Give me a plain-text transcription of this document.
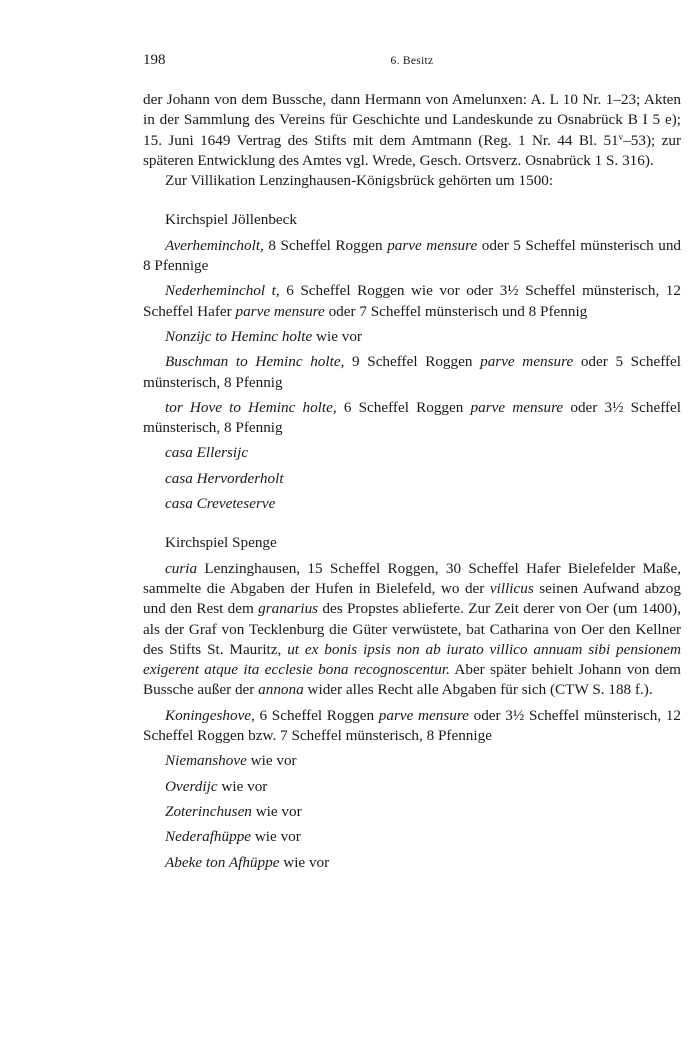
198	6. Besitz

der Johann von dem Bussche, dann Hermann von Amelunxen: A. L 10 Nr. 1–23; Akten in der Sammlung des Vereins für Geschichte und Landeskunde zu Osnabrück B I 5 e); 15. Juni 1649 Vertrag des Stifts mit dem Amtmann (Reg. 1 Nr. 44 Bl. 51$^v$–53); zur späteren Entwicklung des Amtes vgl. Wrede, Gesch. Ortsverz. Osnabrück 1 S. 316).

Zur Villikation Lenzinghausen-Königsbrück gehörten um 1500:

Kirchspiel Jöllenbeck

Averhemincholt, 8 Scheffel Roggen parve mensure oder 5 Scheffel münsterisch und 8 Pfennige

Nederheminchol t, 6 Scheffel Roggen wie vor oder 3½ Scheffel münsterisch, 12 Scheffel Hafer parve mensure oder 7 Scheffel münsterisch und 8 Pfennig

Nonzijc to Heminc holte wie vor

Buschman to Heminc holte, 9 Scheffel Roggen parve mensure oder 5 Scheffel münsterisch, 8 Pfennig

tor Hove to Heminc holte, 6 Scheffel Roggen parve mensure oder 3½ Scheffel münsterisch, 8 Pfennig

casa Ellersijc

casa Hervorderholt

casa Creveteserve

Kirchspiel Spenge

curia Lenzinghausen, 15 Scheffel Roggen, 30 Scheffel Hafer Bielefelder Maße, sammelte die Abgaben der Hufen in Bielefeld, wo der villicus seinen Aufwand abzog und den Rest dem granarius des Propstes ablieferte. Zur Zeit derer von Oer (um 1400), als der Graf von Tecklenburg die Güter verwüstete, bat Catharina von Oer den Kellner des Stifts St. Mauritz, ut ex bonis ipsis non ab iurato villico annuam sibi pensionem exigerent atque ita ecclesie bona recognoscentur. Aber später behielt Johann von dem Bussche außer der annona wider alles Recht alle Abgaben für sich (CTW S. 188 f.).

Koningeshove, 6 Scheffel Roggen parve mensure oder 3½ Scheffel münsterisch, 12 Scheffel Roggen bzw. 7 Scheffel münsterisch, 8 Pfennige

Niemanshove wie vor

Overdijc wie vor

Zoterinchusen wie vor

Nederafhüppe wie vor

Abeke ton Afhüppe wie vor
